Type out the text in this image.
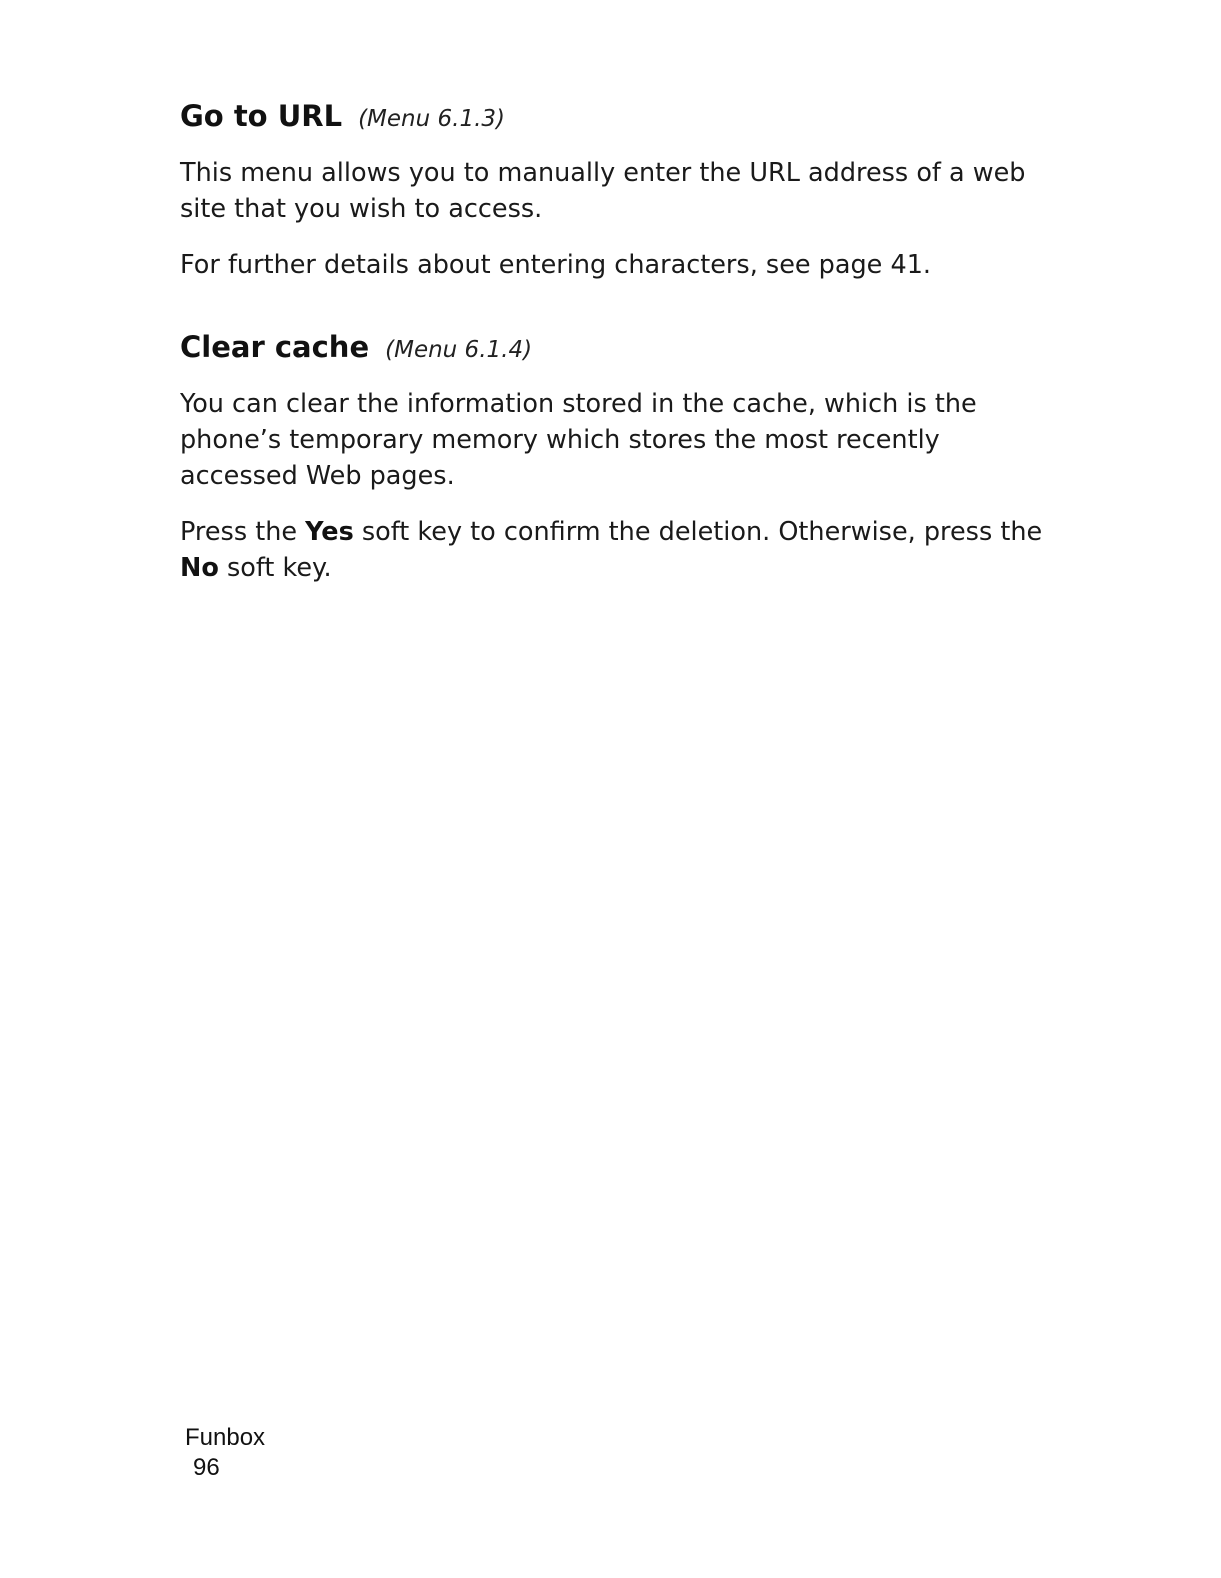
Go to URL (Menu 6.1.3)

This menu allows you to manually enter the URL address of a web site that you wish to access.

For further details about entering characters, see page 41.

Clear cache (Menu 6.1.4)

You can clear the information stored in the cache, which is the phone’s temporary memory which stores the most recently accessed Web pages.

Press the Yes soft key to confirm the deletion. Otherwise, press the No soft key.

Funbox
96
